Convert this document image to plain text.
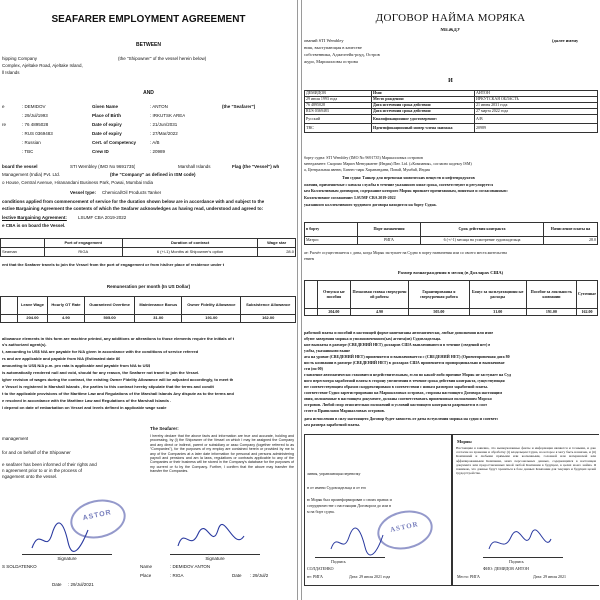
SEAFARER EMPLOYMENT AGREEMENT
BETWEEN
(the "Shipowner" of the vessel herein below)
hipping Company
Complex, Ajeltake Road, Ajeltake Island,
ll Islands
AND
e	: DEMIDOV	Given Name	: ANTON	(the "Seafarer")
: 29/Jul/1993	Place of Birth	: IRKUTSK AREA
re	: 76 4895028	Date of expiry	: 21/Jun/2031
: RUS 0369483	Date of expiry	: 27/Mar/2022
: Russian	Cert. of Competency	: A/B
: TBC	Crew ID	: 20989
board the vessel	STI Wembley (IMO No 9691735)	Marshall Islands	Flag (the "Vessel") wh
Management (India) Pvt. Ltd.	(the "Company" as defined in ISM code)
o House, Central Avenue, Hiranandani Business Park, Powai, Mumbai India
Vessel type: Chemical/Oil Products Tanker
conditions applied from commencement of service for the duration shown below are in accordance with and subject to the
ective Bargaining Agreement the contents of which the Seafarer acknowledges as having read, understood and agreed to:
lective Bargaining Agreement: LSUMF CBA 2019-2022
e CBA is on board the Vessel.
	Port of engagement	Duration of contract	Wage star
Seaman	RIGA	6 (+/-1) Months at Shipowner's option	28.0
ent that the Seafarer travels to join the Vessel from the port of engagement or from his/her place of residence under t
Remuneration per month (In US Dollar)
	Leave Wage	Hourly OT Rate	Guaranteed Overtime	Maintenance Bonus	Owner Fidelity Allowance	Subsistence Allowance
	204.00	4.90	505.00	31.00	191.00	162.00
allowance elements in this form are machine printed, any additions or alterations to those elements require the initials of t
s's authorized agent(s).
t, amounting to US$ N/A are payable for N/A given in accordance with the conditions of service referred
rs and are applicable and payable from N/A (Estimated date 80
amounting to US$ N/A p.m. pro rata is applicable and payable from N/A to US$
is automatically rendered null and void, should for any reason, the Seafarer not travel to join the Vessel.
igher revision of wages during the contract, the existing Owner Fidelity Allowance will be adjusted accordingly, to meet th
e Vessel is registered in Marshall Islands , the parties to this contract hereby stipulate that the terms and condit
t to the applicable provisions of the Maritime Law and Regulations of the Marshall Islands Any dispute as to the terms and
e resolved in accordance with the Maritime Law and Regulations of the Marshall Islands .
l depend on date of embarkation on Vessel and levels defined in applicable wage scale
management
for and on behalf of the Shipowner
e seafarer has been informed of their rights and
n agreement prior to or in the process of
ngagement onto the vessel.
The Seafarer:
I hereby declare that the above facts and information are true and accurate, holding and processing, by (i) the Shipowner of the Vessel on which I may be assigned the Company and any direct or indirect, parent or subsidiary or asso Company (together referred to as "Companies"), for the purposes of my employ are contained herein or provided by me to any of the Companies at a later date information for personal and persons administering payroll and pensions and am la laws, regulations or contracts applicable to any of the Companies or their business will be stored in the Company's database for the purposes of my current or fu by the Company. Further, I confirm that the above may transfer the transfer the Companies.
ASTOR
Signature	Signature
S SOLDATENKO	Name	: DEMIDOV ANTON
Date : 29/Jul/2021
Place	: RIGA	Date : 29/Jul/2
ДОГОВОР НАЙМА МОРЯКА
МЕЖДУ
ований STI Wembley	(далее имену
ниш, выступающая в качестве
собственника, Аджелтейк-роуд, Остров
журо, Маршалловы острова
И
ДЕМИДОВ	Имя:	АНТОН
29 июля 1993 года	Место рождения:	ИРКУТСКАЯ ОБЛАСТЬ
76 4895028	Дата истечения срока действия:	21 июня 2031 года
RUS 0369483	Дата истечения срока действия:	27 марта 2022 года
Русский	Квалификационное удостоверение:	A/B
TBC	Идентификационный номер члена экипажа	20989
борту судна: STI Wembley (IMO No 9691735) Маршалловых островов
менеджмент: Скорпио Марин Менеджмент (Индия) Пвт. Ltd. («Компания», согласно кодексу ISM)
а, Центральная авеню, Бизнес-парк Хиранандани, Повай, Мумбай, Индия
Тип судна: Танкер для перевозки химических веществ и нефтепродуктов
ожения, применяемые с начала службы в течение указанного ниже срока, соответствуют и регулируется
ым Коллективным договором, содержание которого Моряк признает прочитанным, понятым и согласованным:
Коллективное соглашение: LSUMF CBA 2019-2022
указанного коллективного трудового договора находится на борту Судна.
в борту	Порт назначения	Срок действия контракта	Начисление платы на
Матрос	РИГА	6 (+/-1) месяца на усмотрение судовладельца	28.0
ае: Расчёт осуществляется с даты, когда Моряк заступает на Судно в порту назначения или со своего места жительства
ением
Размер вознаграждения в месяц (в Долларах США)
	Отпускн ые пособия	Почасовая ставка сверхурочн ой работы	Гарантированна я сверхурочная работа	Бонус за эксплуатационн ые расходы	Пособие за лояльность компании	Суточные
	204.00	4.90	505.00	31.00	191.00	162.00
работной платы и пособий в настоящей форме напечатаны автоматически, любые дополнения или изме
обуют заверения моряка и уполномоченного(ых) агента(ов) Судовладельца.
кие выплаты в размере (СВЕДЕНИЙ НЕТ) долларов США выплачиваются в течение (сведений нет) в
ужбы, указанными выше
ата на уровне (СВЕДЕНИЙ НЕТ) применяется и выплачивается с (СВЕДЕНИЙ НЕТ) (Ориентировочная дата 80
ность компании в размере (СВЕДЕНИЙ НЕТ) в долларах США применяется пропорционально и выплачивае
сти (по 00)
главление автоматически становится недействительным, если по какой-либо причине Моряк не заступает на Суд
ного пересмотра заработной платы в сторону увеличения в течение срока действия контракта, существующая
ют соответствующим образом скорректировано в соответствии с новым размером заработной платы.
соответствие Судно зарегистрировано на Маршалловых островах, стороны настоящего Договора настоящим
овия, изложенные в настоящем документе, должны соответствовать применимым положениям Морско
островов. Любой спор относительно положений и условий настоящего контракта разрешается в соот
стоте и Правилами Маршалловых островов.
дата исчисления в силу настоящего Договор будет зависеть от даты вступления моряка на судно и соответс
ым размера заработной платы.
линия, управляющая перевозку
н от имени Судовладельца и от его
ю Моряк был проинформирован о своих правах и
сотрудничестве с настоящим Договором до или в
м на борт судна.
ASTOR
Подпись
СОЛДАТЕНКО
нт: РИГА	Дата: 29 июля 2021 года
Моряк:
Настоящим я заявляю, что вышеуказанные факты и информация являются и точными, и даю согласие на хранение и обработку (i) владельцем Судна, на которое я могу быть назначен, и (ii) Компанией и любыми прямыми или косвенными, головной или материнской или аффилированными Компании, моих персональных данных, содержащихся в настоящем документе или предоставленных мной любой Компании в будущем, в целях моего найма. Я понимаю, что данные будут храниться в базе данных Компании для текущих и будущих целей трудоустройства.
Подпись
ФИО: ДЕМИДОВ АНТОН
Место: РИГА	Дата: 29 июля 2021
